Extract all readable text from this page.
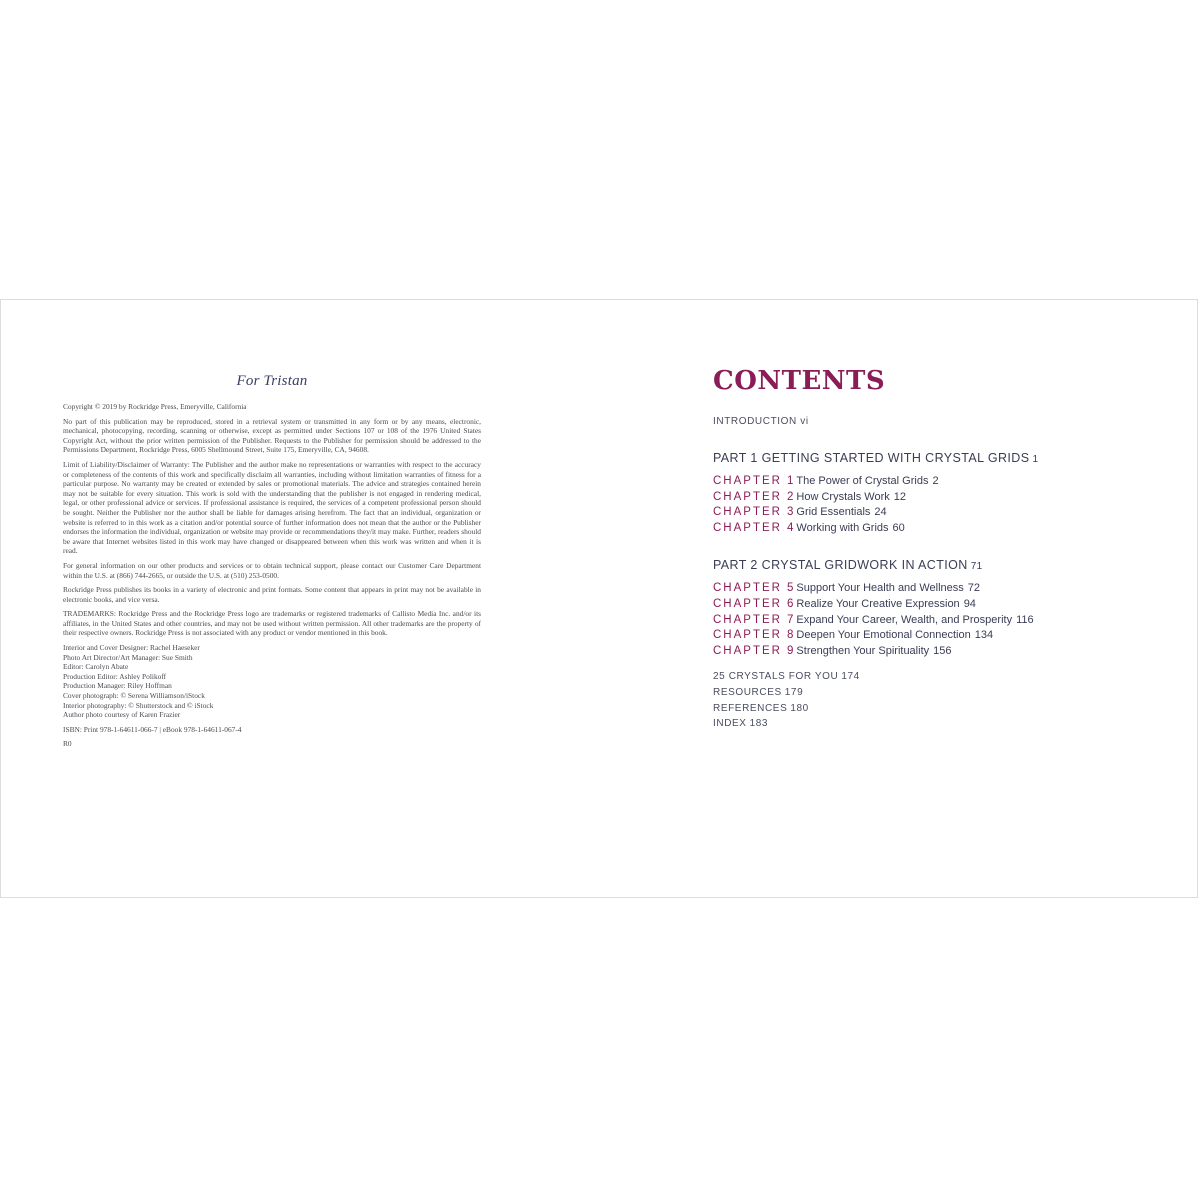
For Tristan

Copyright © 2019 by Rockridge Press, Emeryville, California

No part of this publication may be reproduced, stored in a retrieval system or transmitted in any form or by any means, electronic, mechanical, photocopying, recording, scanning or otherwise, except as permitted under Sections 107 or 108 of the 1976 United States Copyright Act, without the prior written permission of the Publisher. Requests to the Publisher for permission should be addressed to the Permissions Department, Rockridge Press, 6005 Shellmound Street, Suite 175, Emeryville, CA, 94608.

Limit of Liability/Disclaimer of Warranty: The Publisher and the author make no representations or warranties with respect to the accuracy or completeness of the contents of this work and specifically disclaim all warranties, including without limitation warranties of fitness for a particular purpose. No warranty may be created or extended by sales or promotional materials. The advice and strategies contained herein may not be suitable for every situation. This work is sold with the understanding that the publisher is not engaged in rendering medical, legal, or other professional advice or services. If professional assistance is required, the services of a competent professional person should be sought. Neither the Publisher nor the author shall be liable for damages arising herefrom. The fact that an individual, organization or website is referred to in this work as a citation and/or potential source of further information does not mean that the author or the Publisher endorses the information the individual, organization or website may provide or recommendations they/it may make. Further, readers should be aware that Internet websites listed in this work may have changed or disappeared between when this work was written and when it is read.

For general information on our other products and services or to obtain technical support, please contact our Customer Care Department within the U.S. at (866) 744-2665, or outside the U.S. at (510) 253-0500.

Rockridge Press publishes its books in a variety of electronic and print formats. Some content that appears in print may not be available in electronic books, and vice versa.

TRADEMARKS: Rockridge Press and the Rockridge Press logo are trademarks or registered trademarks of Callisto Media Inc. and/or its affiliates, in the United States and other countries, and may not be used without written permission. All other trademarks are the property of their respective owners. Rockridge Press is not associated with any product or vendor mentioned in this book.

Interior and Cover Designer: Rachel Haeseker

Photo Art Director/Art Manager: Sue Smith

Editor: Carolyn Abate

Production Editor: Ashley Polikoff

Production Manager: Riley Hoffman

Cover photograph: © Serena Williamson/iStock

Interior photography: © Shutterstock and © iStock

Author photo courtesy of Karen Frazier

ISBN: Print 978-1-64611-066-7 | eBook 978-1-64611-067-4

R0

CONTENTS
INTRODUCTION vi
PART 1 GETTING STARTED WITH CRYSTAL GRIDS 1
CHAPTER 1 The Power of Crystal Grids 2
CHAPTER 2 How Crystals Work 12
CHAPTER 3 Grid Essentials 24
CHAPTER 4 Working with Grids 60
PART 2 CRYSTAL GRIDWORK IN ACTION 71
CHAPTER 5 Support Your Health and Wellness 72
CHAPTER 6 Realize Your Creative Expression 94
CHAPTER 7 Expand Your Career, Wealth, and Prosperity 116
CHAPTER 8 Deepen Your Emotional Connection 134
CHAPTER 9 Strengthen Your Spirituality 156
25 CRYSTALS FOR YOU 174
RESOURCES 179
REFERENCES 180
INDEX 183
